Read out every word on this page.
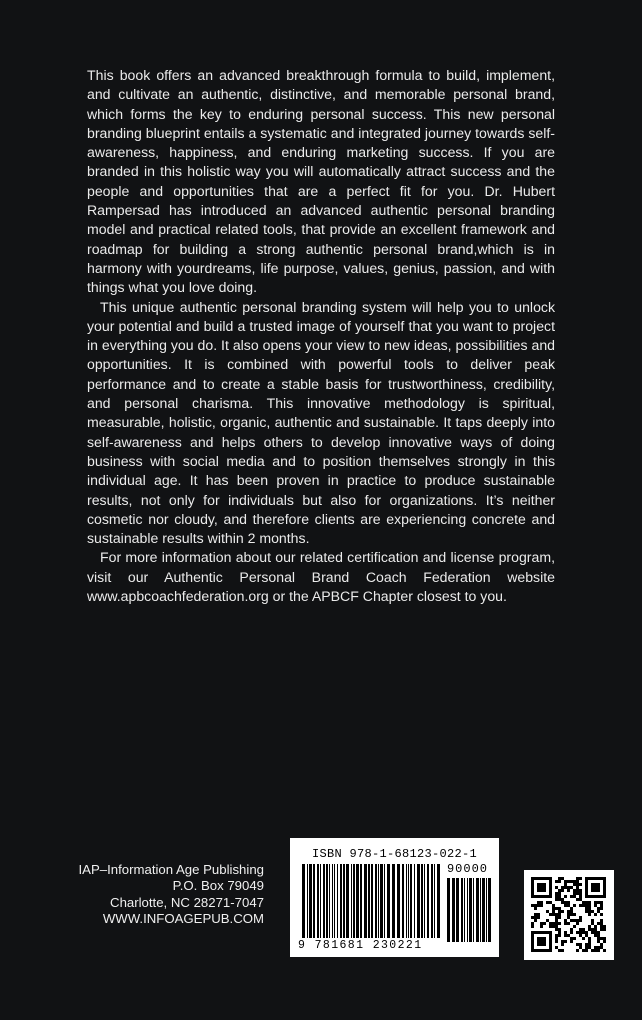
This book offers an advanced breakthrough formula to build, implement, and cultivate an authentic, distinctive, and memorable personal brand, which forms the key to enduring personal success. This new personal branding blueprint entails a systematic and integrated journey towards self-awareness, happiness, and enduring marketing success. If you are branded in this holistic way you will automatically attract success and the people and opportunities that are a perfect fit for you. Dr. Hubert Rampersad has introduced an advanced authentic personal branding model and practical related tools, that provide an excellent framework and roadmap for building a strong authentic personal brand,which is in harmony with yourdreams, life purpose, values, genius, passion, and with things what you love doing.

This unique authentic personal branding system will help you to unlock your potential and build a trusted image of yourself that you want to project in everything you do. It also opens your view to new ideas, possibilities and opportunities. It is combined with powerful tools to deliver peak performance and to create a stable basis for trustworthiness, credibility, and personal charisma. This innovative methodology is spiritual, measurable, holistic, organic, authentic and sustainable. It taps deeply into self-awareness and helps others to develop innovative ways of doing business with social media and to position themselves strongly in this individual age. It has been proven in practice to produce sustainable results, not only for individuals but also for organizations. It’s neither cosmetic nor cloudy, and therefore clients are experiencing concrete and sustainable results within 2 months.

For more information about our related certification and license program, visit our Authentic Personal Brand Coach Federation website www.apbcoachfederation.org or the APBCF Chapter closest to you.

IAP–Information Age Publishing
P.O. Box 79049
Charlotte, NC 28271-7047
WWW.INFOAGEPUB.COM
ISBN 978-1-68123-022-1
90000
9 781681 230221
